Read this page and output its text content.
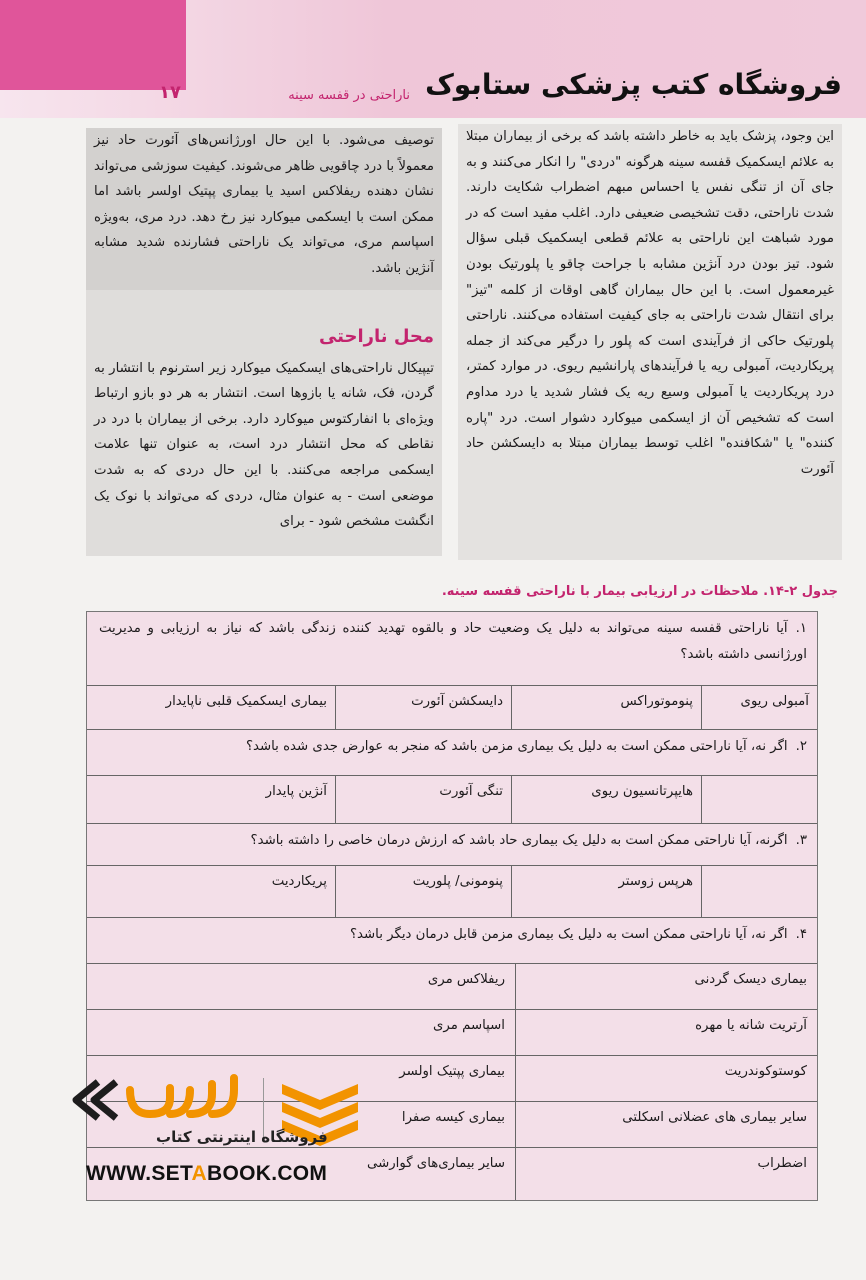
۱۷	ناراحتی در قفسه سینه فروشگاه کتب پزشکی ستابوک

این وجود، پزشک باید به خاطر داشته باشد که برخی از بیماران مبتلا به علائم ایسکمیک قفسه سینه هرگونه "دردی" را انکار می‌کنند و به جای آن از تنگی نفس یا احساس مبهم اضطراب شکایت دارند. شدت ناراحتی، دقت تشخیصی ضعیفی دارد. اغلب مفید است که در مورد شباهت این ناراحتی به علائم قطعی ایسکمیک قبلی سؤال شود. تیز بودن درد آنژین مشابه با جراحت چاقو یا پلورتیک بودن غیرمعمول است. با این حال بیماران گاهی اوقات از کلمه "تیز" برای انتقال شدت ناراحتی به جای کیفیت استفاده می‌کنند. ناراحتی پلورتیک حاکی از فرآیندی است که پلور را درگیر می‌کند از جمله پریکاردیت، آمبولی ریه یا فرآیندهای پارانشیم ریوی. در موارد کمتر، درد پریکاردیت یا آمبولی وسیع ریه یک فشار شدید یا درد مداوم است که تشخیص آن از ایسکمی میوکارد دشوار است. درد "پاره کننده" یا "شکافنده" اغلب توسط بیماران مبتلا به دایسکشن حاد آئورت

توصیف می‌شود. با این حال اورژانس‌های آئورت حاد نیز معمولاً با درد چاقویی ظاهر می‌شوند. کیفیت سوزشی می‌تواند نشان دهنده ریفلاکس اسید یا بیماری پپتیک اولسر باشد اما ممکن است با ایسکمی میوکارد نیز رخ دهد. درد مری، به‌ویژه اسپاسم مری، می‌تواند یک ناراحتی فشارنده شدید مشابه آنژین باشد.

محل ناراحتی

تیپیکال ناراحتی‌های ایسکمیک میوکارد زیر استرنوم با انتشار به گردن، فک، شانه یا بازوها است. انتشار به هر دو بازو ارتباط ویژه‌ای با انفارکتوس میوکارد دارد. برخی از بیماران با درد در نقاطی که محل انتشار درد است، به عنوان تنها علامت ایسکمی مراجعه می‌کنند. با این حال دردی که به شدت موضعی است - به عنوان مثال، دردی که می‌تواند با نوک یک انگشت مشخص شود - برای

جدول ۲-۱۴. ملاحظات در ارزیابی بیمار با ناراحتی قفسه سینه.
۱.آیا ناراحتی قفسه سینه می‌تواند به دلیل یک وضعیت حاد و بالقوه تهدید کننده زندگی باشد که نیاز به ارزیابی و مدیریت اورژانسی داشته باشد؟
آمبولی ریوی
پنوموتوراکس
دایسکشن آئورت
بیماری ایسکمیک قلبی ناپایدار
۲.اگر نه، آیا ناراحتی ممکن است به دلیل یک بیماری مزمن باشد که منجر به عوارض جدی شده باشد؟
هایپرتانسیون ریوی
تنگی آئورت
آنژین پایدار
۳.اگرنه، آیا ناراحتی ممکن است به دلیل یک بیماری حاد باشد که ارزش درمان خاصی را داشته باشد؟
هرپس زوستر
پنومونی/ پلوریت
پریکاردیت
۴.اگر نه، آیا ناراحتی ممکن است به دلیل یک بیماری مزمن قابل درمان دیگر باشد؟
بیماری دیسک گردنی
ریفلاکس مری
آرتریت شانه یا مهره
اسپاسم مری
کوستوکوندریت
بیماری پپتیک اولسر
سایر بیماری های عضلانی اسکلتی
بیماری کیسه صفرا
اضطراب
سایر بیماری‌های گوارشی
فروشگاه اینترنتی کتاب
WWW.SETABOOK.COM
